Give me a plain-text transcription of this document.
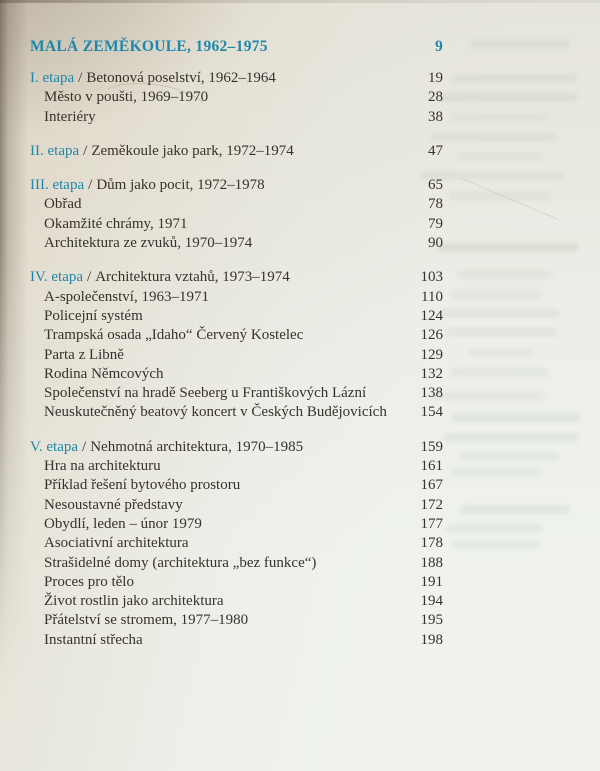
MALÁ ZEMĚKOULE, 1962–1975	9
I. etapa / Betonová poselství, 1962–1964	19
Město v poušti, 1969–1970	28
Interiéry	38
II. etapa / Zeměkoule jako park, 1972–1974	47
III. etapa / Dům jako pocit, 1972–1978	65
Obřad	78
Okamžité chrámy, 1971	79
Architektura ze zvuků, 1970–1974	90
IV. etapa / Architektura vztahů, 1973–1974	103
A-společenství, 1963–1971	110
Policejní systém	124
Trampská osada „Idaho“ Červený Kostelec	126
Parta z Libně	129
Rodina Němcových	132
Společenství na hradě Seeberg u Františkových Lázní	138
Neuskutečněný beatový koncert v Českých Budějovicích	154
V. etapa / Nehmotná architektura, 1970–1985	159
Hra na architekturu	161
Příklad řešení bytového prostoru	167
Nesoustavné představy	172
Obydlí, leden – únor 1979	177
Asociativní architektura	178
Strašidelné domy (architektura „bez funkce“)	188
Proces pro tělo	191
Život rostlin jako architektura	194
Přátelství se stromem, 1977–1980	195
Instantní střecha	198
